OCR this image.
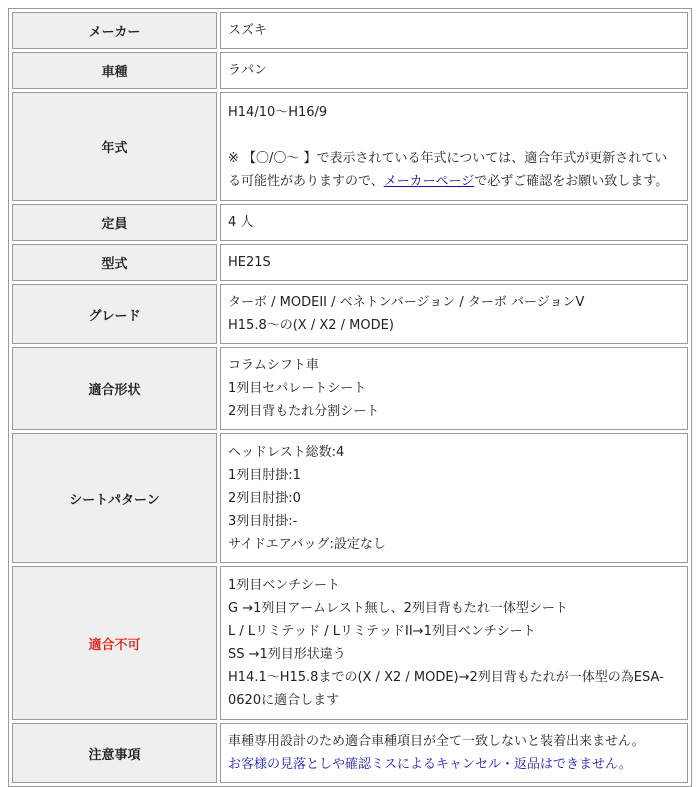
メーカー	スズキ

車種	ラパン

年式	H14/10～H16/9
※ 【〇/〇～ 】で表示されている年式については、適合年式が更新されている可能性がありますので、メーカーページで必ずご確認をお願い致します。

定員	4 人

型式	HE21S

グレード	ターボ / MODEII / ベネトンバージョン / ターボ バージョンV
H15.8～の(X / X2 / MODE)

適合形状	コラムシフト車
1列目セパレートシート
2列目背もたれ分割シート

シートパターン	ヘッドレスト総数:4
1列目肘掛:1
2列目肘掛:0
3列目肘掛:-
サイドエアバッグ:設定なし

適合不可	1列目ベンチシート
G →1列目アームレスト無し、2列目背もたれ一体型シート
L / Lリミテッド / LリミテッドII→1列目ベンチシート
SS →1列目形状違う
H14.1～H15.8までの(X / X2 / MODE)→2列目背もたれが一体型の為ESA-0620に適合します

注意事項	車種専用設計のため適合車種項目が全て一致しないと装着出来ません。
お客様の見落としや確認ミスによるキャンセル・返品はできません。
